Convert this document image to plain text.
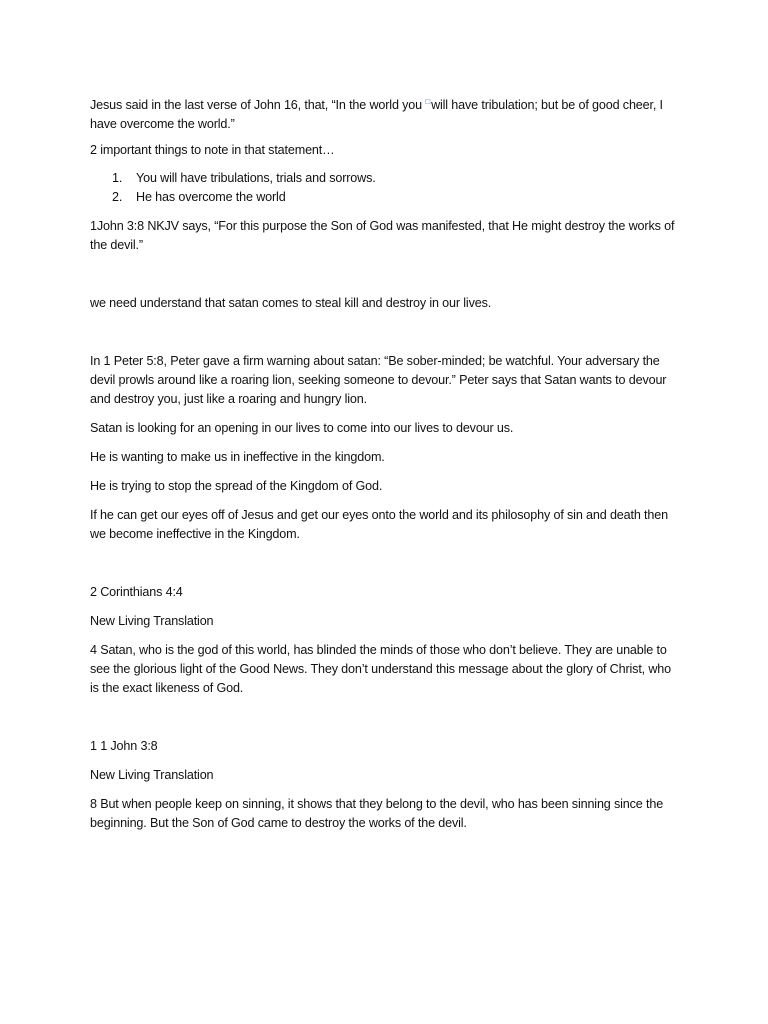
Jesus said in the last verse of John 16, that, “In the world you □will have tribulation; but be of good cheer, I have overcome the world.”

2 important things to note in that statement…

1.	You will have tribulations, trials and sorrows.
2.	He has overcome the world

1John 3:8 NKJV says, “For this purpose the Son of God was manifested, that He might destroy the works of the devil.”

we need understand that satan comes to steal kill and destroy in our lives.

In 1 Peter 5:8, Peter gave a firm warning about satan: “Be sober-minded; be watchful. Your adversary the devil prowls around like a roaring lion, seeking someone to devour.” Peter says that Satan wants to devour and destroy you, just like a roaring and hungry lion.

Satan is looking for an opening in our lives to come into our lives to devour us.

He is wanting to make us in ineffective in the kingdom.

He is trying to stop the spread of the Kingdom of God.

If he can get our eyes off of Jesus and get our eyes onto the world and its philosophy of sin and death then we become ineffective in the Kingdom.

2 Corinthians 4:4

New Living Translation

4 Satan, who is the god of this world, has blinded the minds of those who don’t believe. They are unable to see the glorious light of the Good News. They don’t understand this message about the glory of Christ, who is the exact likeness of God.

1 1 John 3:8

New Living Translation

8 But when people keep on sinning, it shows that they belong to the devil, who has been sinning since the beginning. But the Son of God came to destroy the works of the devil.
